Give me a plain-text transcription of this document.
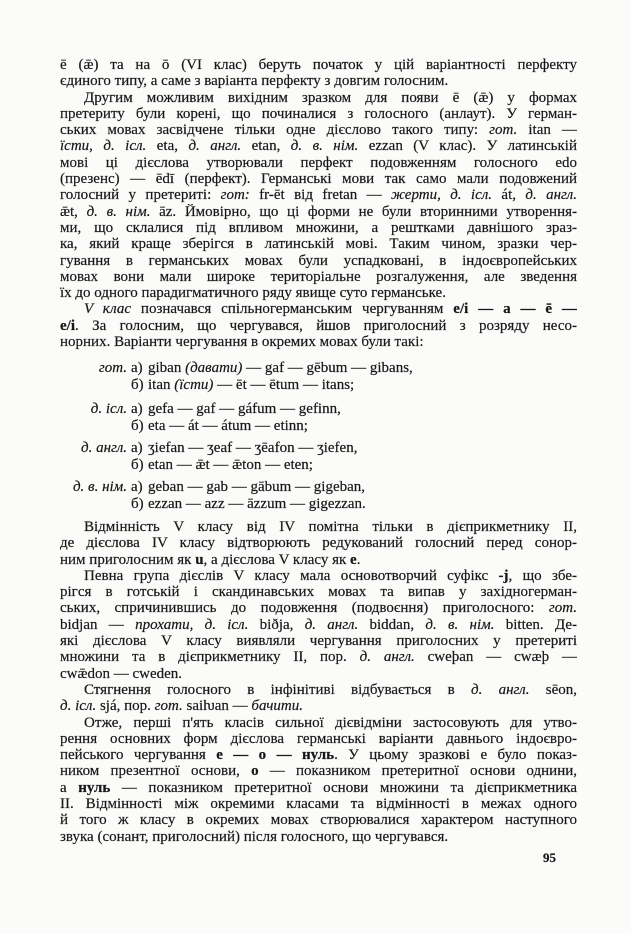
ē (ǣ) та на ō (VI клас) беруть початок у цій варіантності перфекту
єдиного типу, а саме з варіанта перфекту з довгим голосним.
Другим можливим вихідним зразком для появи ē (ǣ) у формах
претериту були корені, що починалися з голосного (анлаут). У герман-
ських мовах засвідчене тільки одне дієслово такого типу: гот. itan —
їсти, д. ісл. eta, д. англ. etan, д. в. нім. ezzan (V клас). У латинській
мові ці дієслова утворювали перфект подовженням голосного edo
(презенс) — ēdī (перфект). Германські мови так само мали подовжений
голосний у претериті: гот: fr-ēt від fretan — жерти, д. ісл. át, д. англ.
ǣt, д. в. нім. āz. Ймовірно, що ці форми не були вторинними утворення-
ми, що склалися під впливом множини, а рештками давнішого зраз-
ка, який краще зберігся в латинській мові. Таким чином, зразки чер-
гування в германських мовах були успадковані, в індоєвропейських
мовах вони мали широке територіальне розгалуження, але зведення
їх до одного парадигматичного ряду явище суто германське.
V клас позначався спільногерманським чергуванням e/i — a — ē —
e/i. За голосним, що чергувався, йшов приголосний з розряду несо-
норних. Варіанти чергування в окремих мовах були такі:
гот. а) giban (давати) — gaf — gēbum — gibans,
б) itan (їсти) — ēt — ētum — itans;
д. ісл. а) gefa — gaf — gáfum — gefinn,
б) eta — át — átum — etinn;
д. англ. а) ʒiefan — ʒeaf — ʒēafon — ʒiefen,
б) etan — ǣt — ǣton — eten;
д. в. нім. а) geban — gab — gābum — gigeban,
б) ezzan — azz — āzzum — gigezzan.
Відмінність V класу від IV помітна тільки в дієприкметнику II,
де дієслова IV класу відтворюють редукований голосний перед сонор-
ним приголосним як u, а дієслова V класу як e.
Певна група дієслів V класу мала основотворчий суфікс -j, що збе-
рігся в готській і скандинавських мовах та випав у західногерман-
ських, спричинившись до подовження (подвоєння) приголосного: гот.
bidjan — прохати, д. ісл. biðja, д. англ. biddan, д. в. нім. bitten. Де-
які дієслова V класу виявляли чергування приголосних у претериті
множини та в дієприкметнику II, пор. д. англ. cweþan — cwæþ —
cwǣdon — cweden.
Стягнення голосного в інфінітиві відбувається в д. англ. sēon,
д. ісл. sjá, пор. гот. saiƕan — бачити.
Отже, перші п'ять класів сильної дієвідміни застосовують для утво-
рення основних форм дієслова германські варіанти давнього індоєвро-
пейського чергування e — o — нуль. У цьому зразкові e було показ-
ником презентної основи, o — показником претеритної основи однини,
а нуль — показником претеритної основи множини та дієприкметника
II. Відмінності між окремими класами та відмінності в межах одного
й того ж класу в окремих мовах створювалися характером наступного
звука (сонант, приголосний) після голосного, що чергувався.
95
